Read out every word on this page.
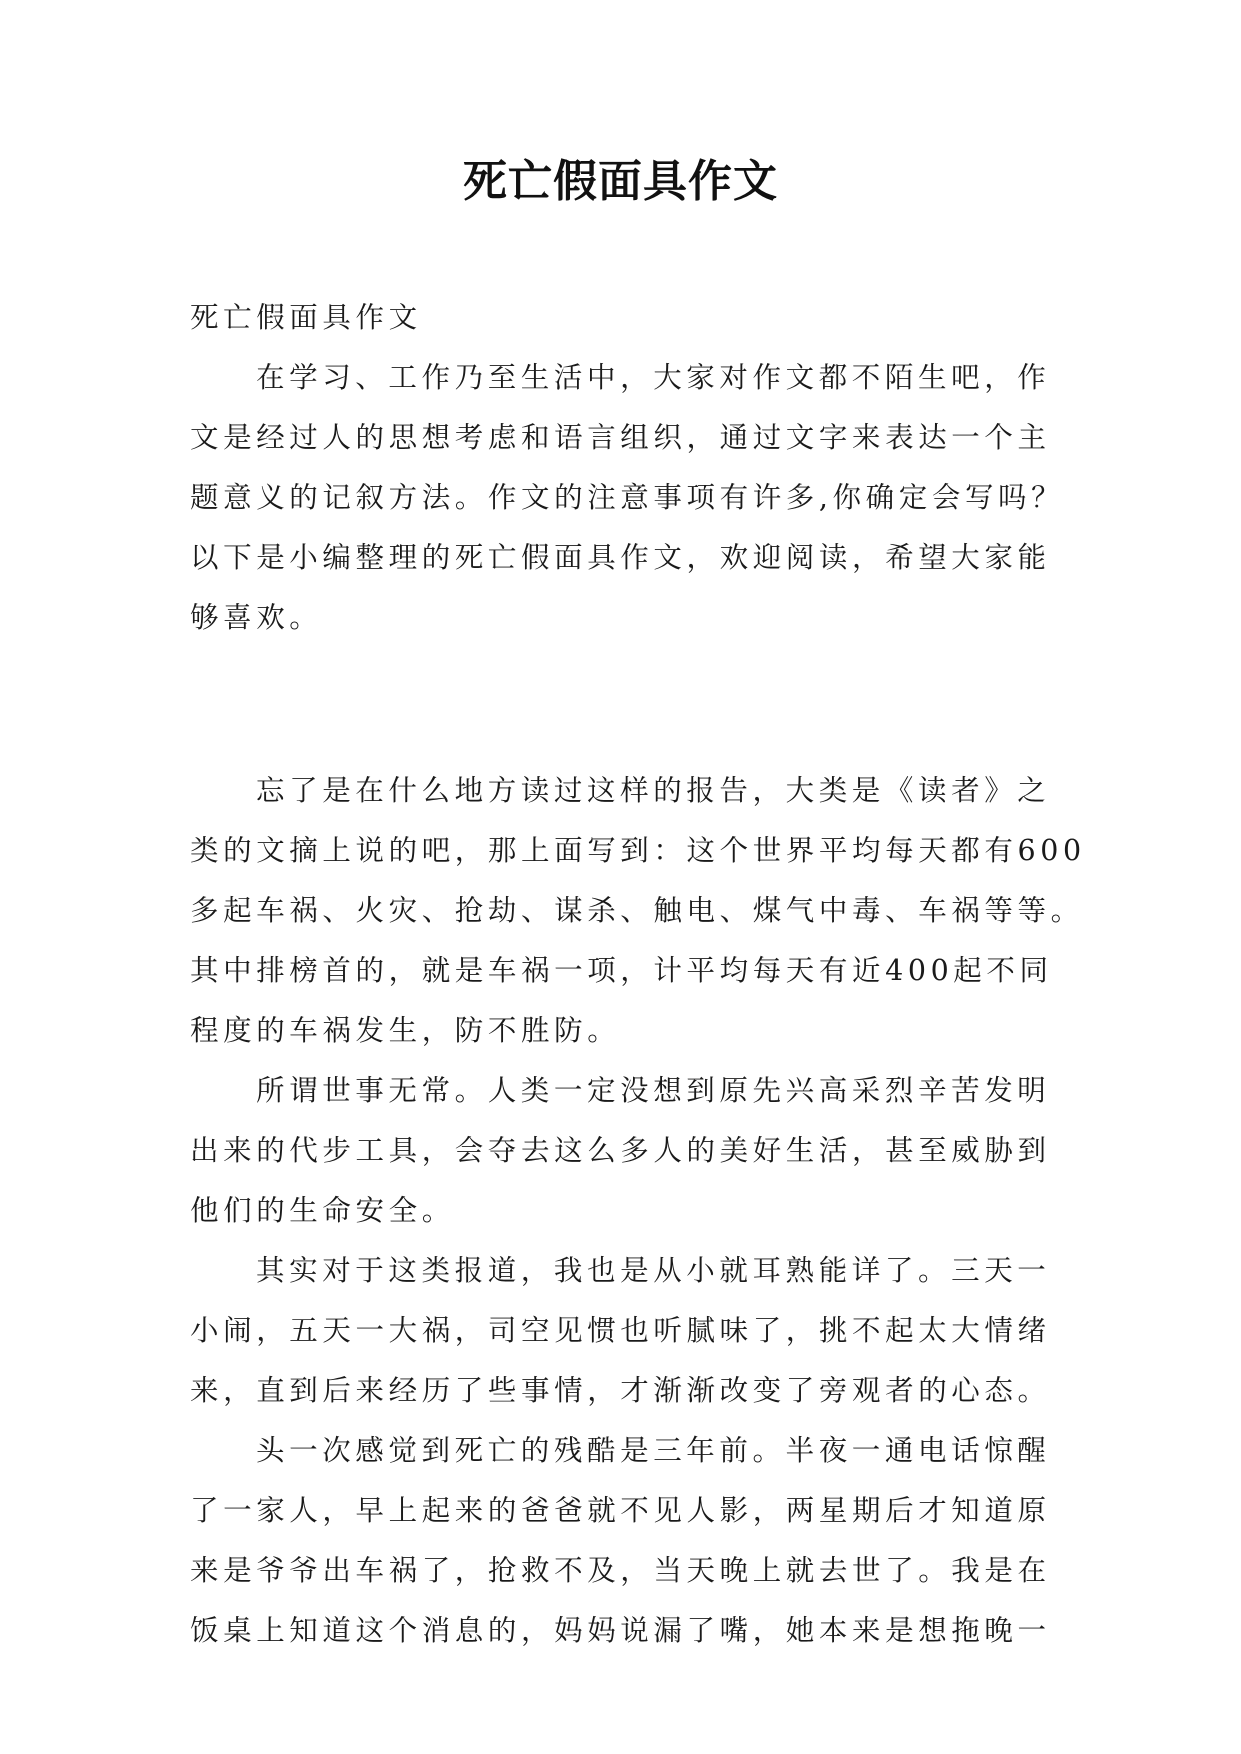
死亡假面具作文
死亡假面具作文
在学习、工作乃至生活中，大家对作文都不陌生吧，作
文是经过人的思想考虑和语言组织，通过文字来表达一个主
题意义的记叙方法。作文的注意事项有许多,你确定会写吗？
以下是小编整理的死亡假面具作文，欢迎阅读，希望大家能
够喜欢。
忘了是在什么地方读过这样的报告，大类是《读者》之
类的文摘上说的吧，那上面写到：这个世界平均每天都有600
多起车祸、火灾、抢劫、谋杀、触电、煤气中毒、车祸等等。
其中排榜首的，就是车祸一项，计平均每天有近400起不同
程度的车祸发生，防不胜防。
所谓世事无常。人类一定没想到原先兴高采烈辛苦发明
出来的代步工具，会夺去这么多人的美好生活，甚至威胁到
他们的生命安全。
其实对于这类报道，我也是从小就耳熟能详了。三天一
小闹，五天一大祸，司空见惯也听腻味了，挑不起太大情绪
来，直到后来经历了些事情，才渐渐改变了旁观者的心态。
头一次感觉到死亡的残酷是三年前。半夜一通电话惊醒
了一家人，早上起来的爸爸就不见人影，两星期后才知道原
来是爷爷出车祸了，抢救不及，当天晚上就去世了。我是在
饭桌上知道这个消息的，妈妈说漏了嘴，她本来是想拖晚一
